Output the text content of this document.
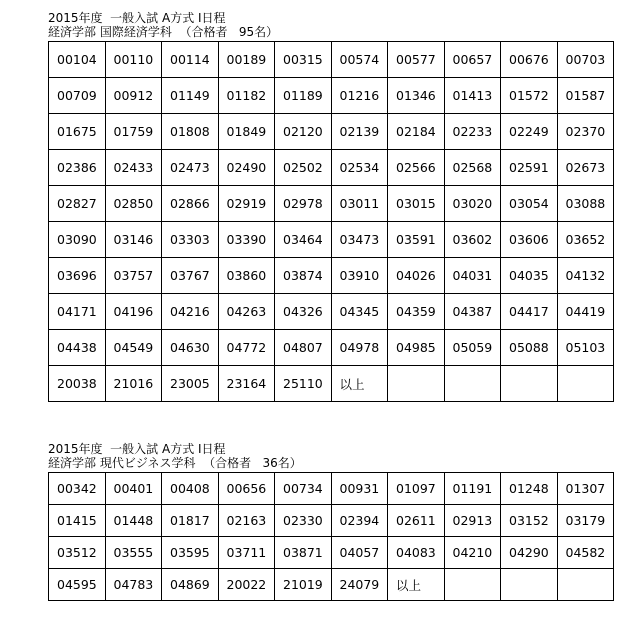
2015年度  一般入試 A方式 Ⅰ日程
経済学部 国際経済学科  （合格者   95名）
00104	00110	00114	00189	00315	00574	00577	00657	00676	00703
00709	00912	01149	01182	01189	01216	01346	01413	01572	01587
01675	01759	01808	01849	02120	02139	02184	02233	02249	02370
02386	02433	02473	02490	02502	02534	02566	02568	02591	02673
02827	02850	02866	02919	02978	03011	03015	03020	03054	03088
03090	03146	03303	03390	03464	03473	03591	03602	03606	03652
03696	03757	03767	03860	03874	03910	04026	04031	04035	04132
04171	04196	04216	04263	04326	04345	04359	04387	04417	04419
04438	04549	04630	04772	04807	04978	04985	05059	05088	05103
20038	21016	23005	23164	25110	以上				
2015年度  一般入試 A方式 Ⅰ日程
経済学部 現代ビジネス学科  （合格者   36名）
00342	00401	00408	00656	00734	00931	01097	01191	01248	01307
01415	01448	01817	02163	02330	02394	02611	02913	03152	03179
03512	03555	03595	03711	03871	04057	04083	04210	04290	04582
04595	04783	04869	20022	21019	24079	以上			
